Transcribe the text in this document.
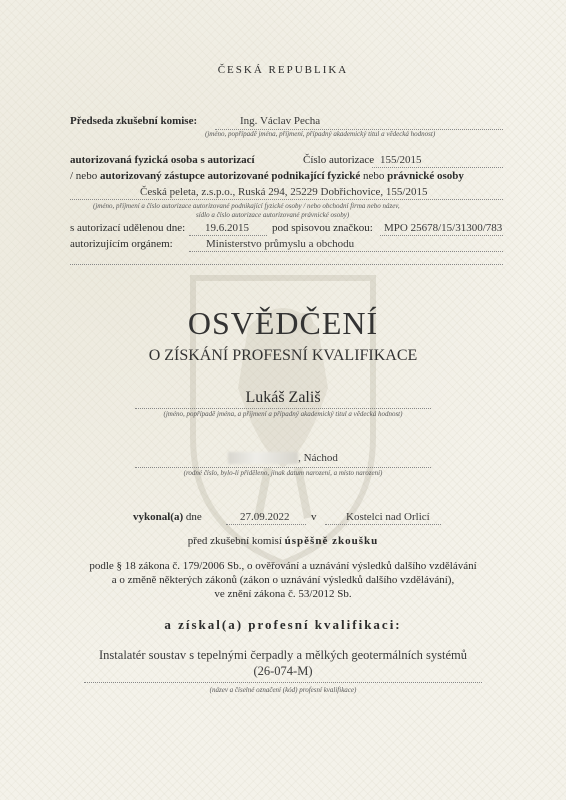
ČESKÁ REPUBLIKA
Předseda zkušební komise:	Ing. Václav Pecha
(jméno, popřípadě jména, příjmení, případný akademický titul a vědecká hodnost)
autorizovaná fyzická osoba s autorizací	Číslo autorizace 155/2015
/ nebo autorizovaný zástupce autorizované podnikající fyzické nebo právnické osoby
Česká peleta, z.s.p.o., Ruská 294, 25229 Dobřichovice, 155/2015
(jméno, příjmení a číslo autorizace autorizované podnikající fyzické osoby / nebo obchodní firma nebo název,
sídlo a číslo autorizace autorizované právnické osoby)
s autorizací udělenou dne: 19.6.2015 pod spisovou značkou: MPO 25678/15/31300/783
autorizujícím orgánem:	Ministerstvo průmyslu a obchodu
OSVĚDČENÍ
O ZÍSKÁNÍ PROFESNÍ KVALIFIKACE
Lukáš Zališ
(jméno, popřípadě jména, a příjmení a případný akademický titul a vědecká hodnost)
, Náchod
(rodné číslo, bylo-li přiděleno, jinak datum narození, a místo narození)
vykonal(a) dne	27.09.2022 v	Kostelci nad Orlicí
před zkušební komisí úspěšně zkoušku
podle § 18 zákona č. 179/2006 Sb., o ověřování a uznávání výsledků dalšího vzdělávání
a o změně některých zákonů (zákon o uznávání výsledků dalšího vzdělávání),
ve znění zákona č. 53/2012 Sb.
a získal(a) profesní kvalifikaci:
Instalatér soustav s tepelnými čerpadly a mělkých geotermálních systémů
(26-074-M)
(název a číselné označení (kód) profesní kvalifikace)
